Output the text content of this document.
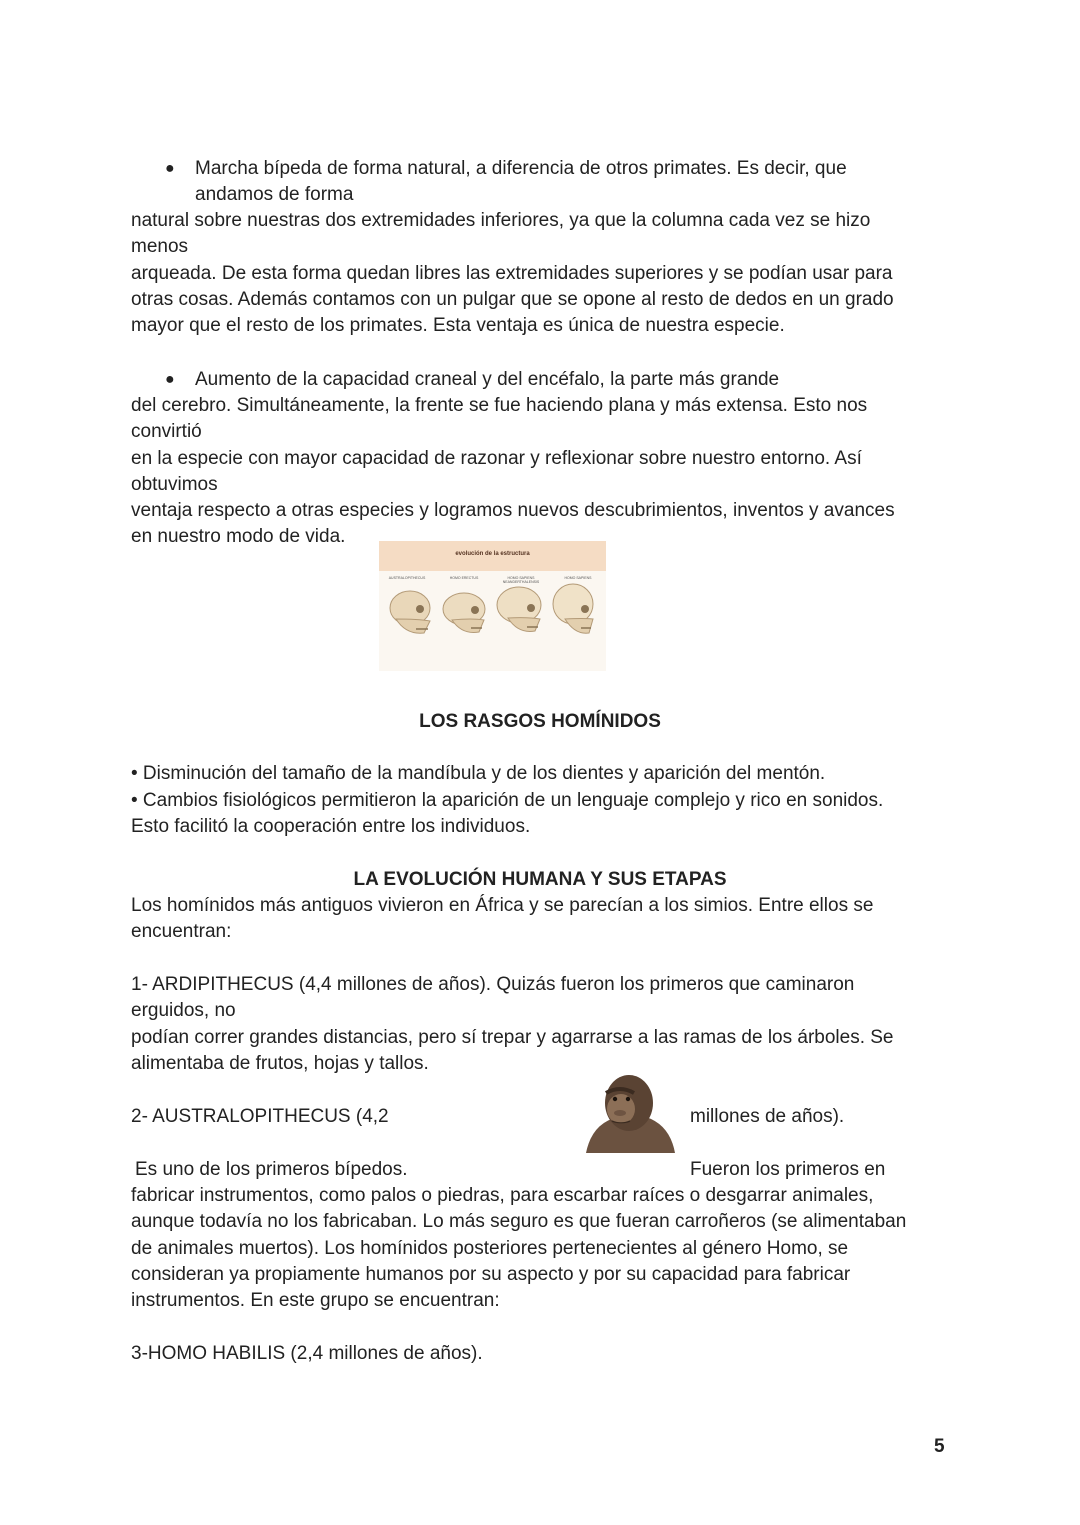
● Marcha bípeda de forma natural, a diferencia de otros primates. Es decir, que
andamos de forma
natural sobre nuestras dos extremidades inferiores, ya que la columna cada vez se hizo
menos
arqueada. De esta forma quedan libres las extremidades superiores y se podían usar para
otras cosas. Además contamos con un pulgar que se opone al resto de dedos en un grado
mayor que el resto de los primates. Esta ventaja es única de nuestra especie.
● Aumento de la capacidad craneal y del encéfalo, la parte más grande
del cerebro. Simultáneamente, la frente se fue haciendo plana y más extensa. Esto nos
convirtió
en la especie con mayor capacidad de razonar y reflexionar sobre nuestro entorno. Así
obtuvimos
ventaja respecto a otras especies y logramos nuevos descubrimientos, inventos y avances
en nuestro modo de vida.
evolución de la estructura
AUSTRALOPITHECUS	HOMO ERECTUS	HOMO SAPIENS NEANDERTHALENSIS
HOMO SAPIENS
LOS RASGOS HOMÍNIDOS
• Disminución del tamaño de la mandíbula y de los dientes y aparición del mentón.
• Cambios fisiológicos permitieron la aparición de un lenguaje complejo y rico en sonidos.
Esto facilitó la cooperación entre los individuos.
LA EVOLUCIÓN HUMANA Y SUS ETAPAS
Los homínidos más antiguos vivieron en África y se parecían a los simios. Entre ellos se
encuentran:
1- ARDIPITHECUS (4,4 millones de años). Quizás fueron los primeros que caminaron
erguidos, no
podían correr grandes distancias, pero sí trepar y agarrarse a las ramas de los árboles. Se
alimentaba de frutos, hojas y tallos.
2- AUSTRALOPITHECUS (4,2	millones de años).
Es uno de los primeros bípedos.	Fueron los primeros en
fabricar instrumentos, como palos o piedras, para escarbar raíces o desgarrar animales,
aunque todavía no los fabricaban. Lo más seguro es que fueran carroñeros (se alimentaban
de animales muertos). Los homínidos posteriores pertenecientes al género Homo, se
consideran ya propiamente humanos por su aspecto y por su capacidad para fabricar
instrumentos. En este grupo se encuentran:
3-HOMO HABILIS (2,4 millones de años).
5
